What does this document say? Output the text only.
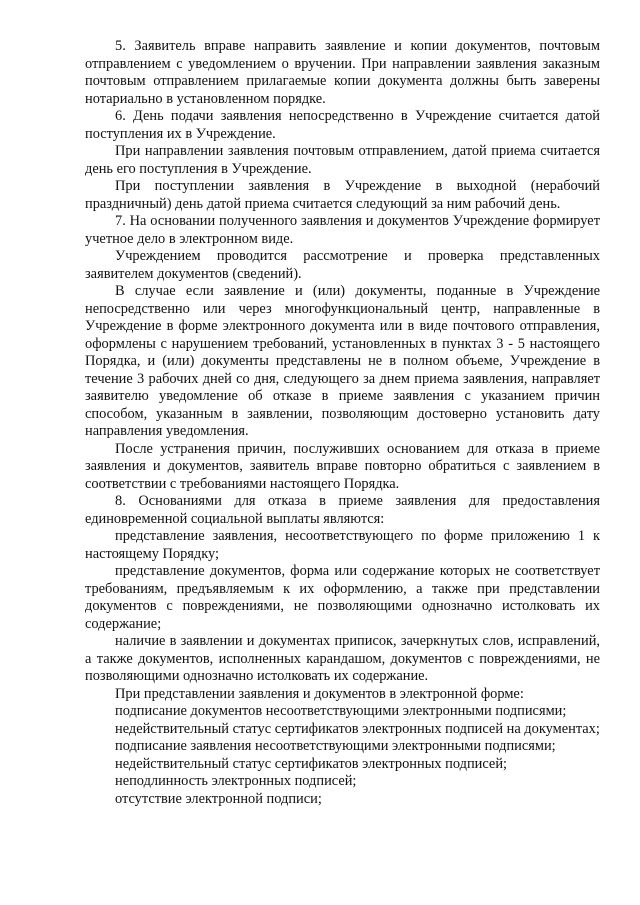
5. Заявитель вправе направить заявление и копии документов, почтовым отправлением с уведомлением о вручении. При направлении заявления заказным почтовым отправлением прилагаемые копии документа должны быть заверены нотариально в установленном порядке.

6. День подачи заявления непосредственно в Учреждение считается датой поступления их в Учреждение.

При направлении заявления почтовым отправлением, датой приема считается день его поступления в Учреждение.

При поступлении заявления в Учреждение в выходной (нерабочий праздничный) день датой приема считается следующий за ним рабочий день.

7. На основании полученного заявления и документов Учреждение формирует учетное дело в электронном виде.

Учреждением проводится рассмотрение и проверка представленных заявителем документов (сведений).

В случае если заявление и (или) документы, поданные в Учреждение непосредственно или через многофункциональный центр, направленные в Учреждение в форме электронного документа или в виде почтового отправления, оформлены с нарушением требований, установленных в пунктах 3 - 5 настоящего Порядка, и (или) документы представлены не в полном объеме, Учреждение в течение 3 рабочих дней со дня, следующего за днем приема заявления, направляет заявителю уведомление об отказе в приеме заявления с указанием причин способом, указанным в заявлении, позволяющим достоверно установить дату направления уведомления.

После устранения причин, послуживших основанием для отказа в приеме заявления и документов, заявитель вправе повторно обратиться с заявлением в соответствии с требованиями настоящего Порядка.

8. Основаниями для отказа в приеме заявления для предоставления единовременной социальной выплаты являются:

представление заявления, несоответствующего по форме приложению 1 к настоящему Порядку;

представление документов, форма или содержание которых не соответствует требованиям, предъявляемым к их оформлению, а также при представлении документов с повреждениями, не позволяющими однозначно истолковать их содержание;

наличие в заявлении и документах приписок, зачеркнутых слов, исправлений, а также документов, исполненных карандашом, документов с повреждениями, не позволяющими однозначно истолковать их содержание.

При представлении заявления и документов в электронной форме:

подписание документов несоответствующими электронными подписями;

недействительный статус сертификатов электронных подписей на документах;

подписание заявления несоответствующими электронными подписями;

недействительный статус сертификатов электронных подписей;

неподлинность электронных подписей;

отсутствие электронной подписи;
